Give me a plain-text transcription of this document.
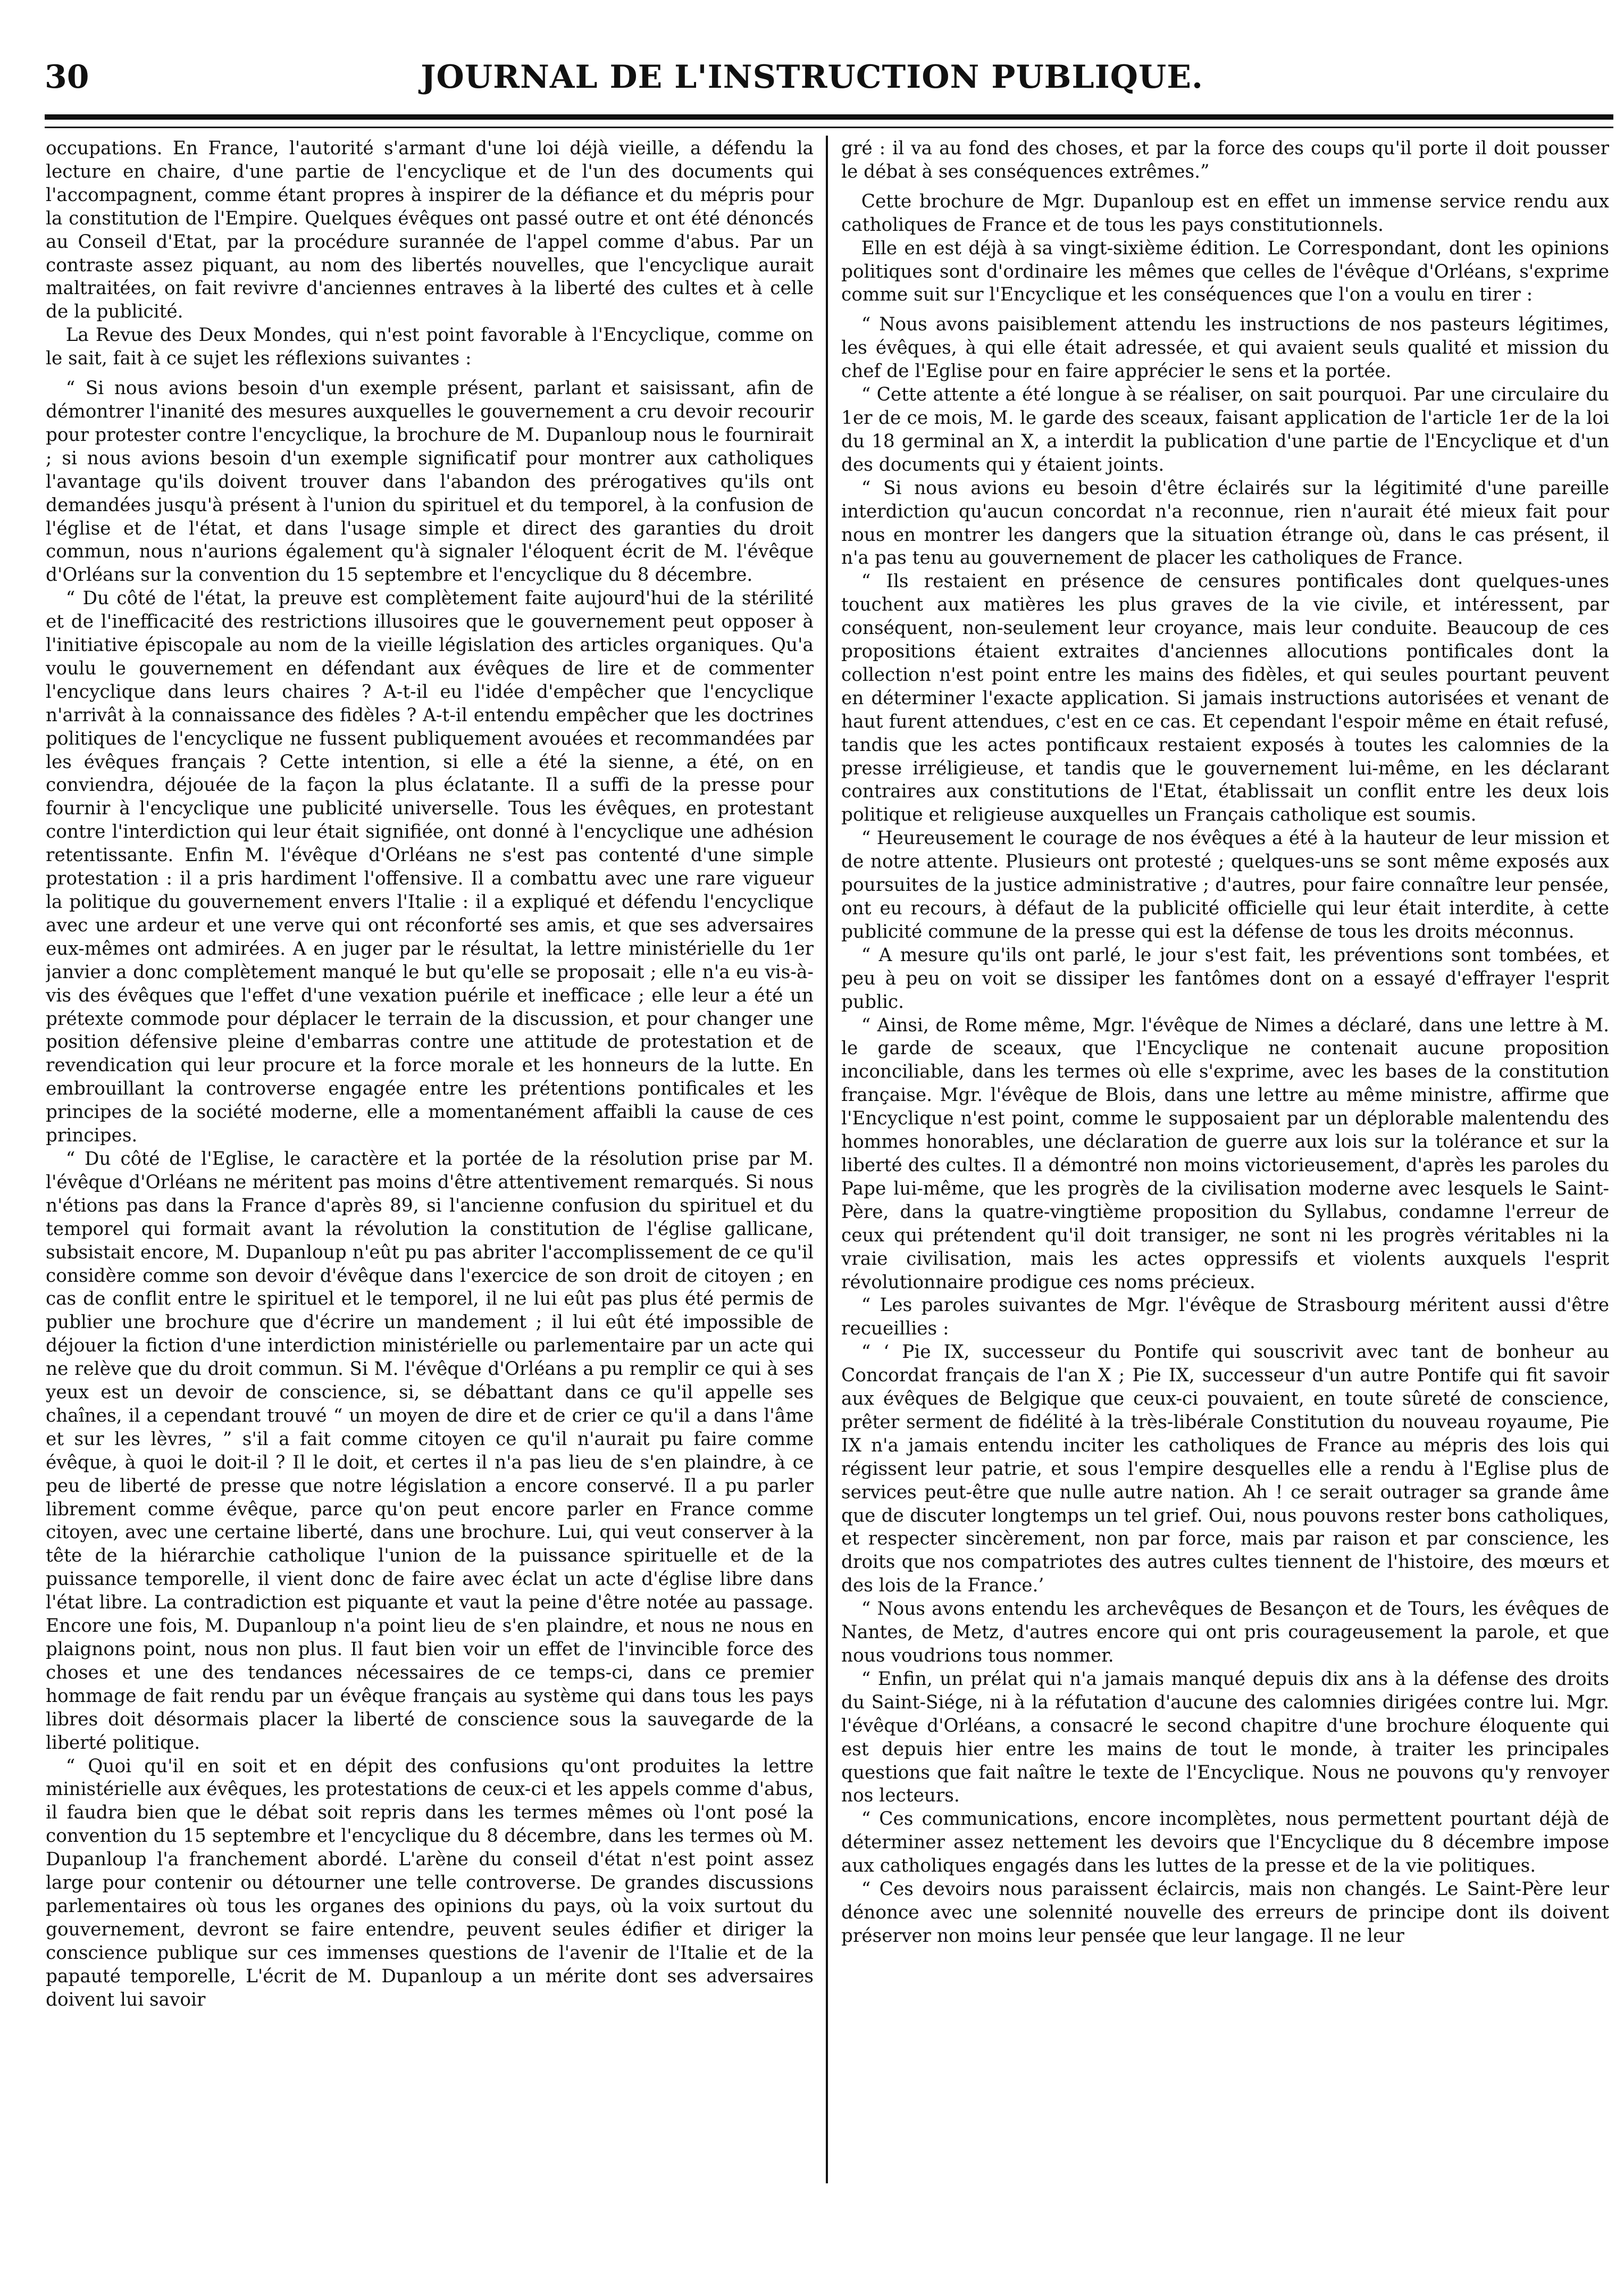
30	JOURNAL DE L'INSTRUCTION PUBLIQUE.

occupations. En France, l'autorité s'armant d'une loi déjà vieille, a défendu la lecture en chaire, d'une partie de l'encyclique et de l'un des documents qui l'accompagnent, comme étant propres à inspirer de la défiance et du mépris pour la constitution de l'Empire. Quelques évêques ont passé outre et ont été dénoncés au Conseil d'Etat, par la procédure surannée de l'appel comme d'abus. Par un contraste assez piquant, au nom des libertés nouvelles, que l'encyclique aurait maltraitées, on fait revivre d'anciennes entraves à la liberté des cultes et à celle de la publicité.

La Revue des Deux Mondes, qui n'est point favorable à l'Encyclique, comme on le sait, fait à ce sujet les réflexions suivantes :

“ Si nous avions besoin d'un exemple présent, parlant et saisissant, afin de démontrer l'inanité des mesures auxquelles le gouvernement a cru devoir recourir pour protester contre l'encyclique, la brochure de M. Dupanloup nous le fournirait ; si nous avions besoin d'un exemple significatif pour montrer aux catholiques l'avantage qu'ils doivent trouver dans l'abandon des prérogatives qu'ils ont demandées jusqu'à présent à l'union du spirituel et du temporel, à la confusion de l'église et de l'état, et dans l'usage simple et direct des garanties du droit commun, nous n'aurions également qu'à signaler l'éloquent écrit de M. l'évêque d'Orléans sur la convention du 15 septembre et l'encyclique du 8 décembre.

“ Du côté de l'état, la preuve est complètement faite aujourd'hui de la stérilité et de l'inefficacité des restrictions illusoires que le gouvernement peut opposer à l'initiative épiscopale au nom de la vieille législation des articles organiques. Qu'a voulu le gouvernement en défendant aux évêques de lire et de commenter l'encyclique dans leurs chaires ? A-t-il eu l'idée d'empêcher que l'encyclique n'arrivât à la connaissance des fidèles ? A-t-il entendu empêcher que les doctrines politiques de l'encyclique ne fussent publiquement avouées et recommandées par les évêques français ? Cette intention, si elle a été la sienne, a été, on en conviendra, déjouée de la façon la plus éclatante. Il a suffi de la presse pour fournir à l'encyclique une publicité universelle. Tous les évêques, en protestant contre l'interdiction qui leur était signifiée, ont donné à l'encyclique une adhésion retentissante. Enfin M. l'évêque d'Orléans ne s'est pas contenté d'une simple protestation : il a pris hardiment l'offensive. Il a combattu avec une rare vigueur la politique du gouvernement envers l'Italie : il a expliqué et défendu l'encyclique avec une ardeur et une verve qui ont réconforté ses amis, et que ses adversaires eux-mêmes ont admirées. A en juger par le résultat, la lettre ministérielle du 1er janvier a donc complètement manqué le but qu'elle se proposait ; elle n'a eu vis-à-vis des évêques que l'effet d'une vexation puérile et inefficace ; elle leur a été un prétexte commode pour déplacer le terrain de la discussion, et pour changer une position défensive pleine d'embarras contre une attitude de protestation et de revendication qui leur procure et la force morale et les honneurs de la lutte. En embrouillant la controverse engagée entre les prétentions pontificales et les principes de la société moderne, elle a momentanément affaibli la cause de ces principes.

“ Du côté de l'Eglise, le caractère et la portée de la résolution prise par M. l'évêque d'Orléans ne méritent pas moins d'être attentivement remarqués. Si nous n'étions pas dans la France d'après 89, si l'ancienne confusion du spirituel et du temporel qui formait avant la révolution la constitution de l'église gallicane, subsistait encore, M. Dupanloup n'eût pu pas abriter l'accomplissement de ce qu'il considère comme son devoir d'évêque dans l'exercice de son droit de citoyen ; en cas de conflit entre le spirituel et le temporel, il ne lui eût pas plus été permis de publier une brochure que d'écrire un mandement ; il lui eût été impossible de déjouer la fiction d'une interdiction ministérielle ou parlementaire par un acte qui ne relève que du droit commun. Si M. l'évêque d'Orléans a pu remplir ce qui à ses yeux est un devoir de conscience, si, se débattant dans ce qu'il appelle ses chaînes, il a cependant trouvé “ un moyen de dire et de crier ce qu'il a dans l'âme et sur les lèvres, ” s'il a fait comme citoyen ce qu'il n'aurait pu faire comme évêque, à quoi le doit-il ? Il le doit, et certes il n'a pas lieu de s'en plaindre, à ce peu de liberté de presse que notre législation a encore conservé. Il a pu parler librement comme évêque, parce qu'on peut encore parler en France comme citoyen, avec une certaine liberté, dans une brochure. Lui, qui veut conserver à la tête de la hiérarchie catholique l'union de la puissance spirituelle et de la puissance temporelle, il vient donc de faire avec éclat un acte d'église libre dans l'état libre. La contradiction est piquante et vaut la peine d'être notée au passage. Encore une fois, M. Dupanloup n'a point lieu de s'en plaindre, et nous ne nous en plaignons point, nous non plus. Il faut bien voir un effet de l'invincible force des choses et une des tendances nécessaires de ce temps-ci, dans ce premier hommage de fait rendu par un évêque français au système qui dans tous les pays libres doit désormais placer la liberté de conscience sous la sauvegarde de la liberté politique.

“ Quoi qu'il en soit et en dépit des confusions qu'ont produites la lettre ministérielle aux évêques, les protestations de ceux-ci et les appels comme d'abus, il faudra bien que le débat soit repris dans les termes mêmes où l'ont posé la convention du 15 septembre et l'encyclique du 8 décembre, dans les termes où M. Dupanloup l'a franchement abordé. L'arène du conseil d'état n'est point assez large pour contenir ou détourner une telle controverse. De grandes discussions parlementaires où tous les organes des opinions du pays, où la voix surtout du gouvernement, devront se faire entendre, peuvent seules édifier et diriger la conscience publique sur ces immenses questions de l'avenir de l'Italie et de la papauté temporelle, L'écrit de M. Dupanloup a un mérite dont ses adversaires doivent lui savoir

gré : il va au fond des choses, et par la force des coups qu'il porte il doit pousser le débat à ses conséquences extrêmes.”

Cette brochure de Mgr. Dupanloup est en effet un immense service rendu aux catholiques de France et de tous les pays constitutionnels.

Elle en est déjà à sa vingt-sixième édition. Le Correspondant, dont les opinions politiques sont d'ordinaire les mêmes que celles de l'évêque d'Orléans, s'exprime comme suit sur l'Encyclique et les conséquences que l'on a voulu en tirer :

“ Nous avons paisiblement attendu les instructions de nos pasteurs légitimes, les évêques, à qui elle était adressée, et qui avaient seuls qualité et mission du chef de l'Eglise pour en faire apprécier le sens et la portée.

“ Cette attente a été longue à se réaliser, on sait pourquoi. Par une circulaire du 1er de ce mois, M. le garde des sceaux, faisant application de l'article 1er de la loi du 18 germinal an X, a interdit la publication d'une partie de l'Encyclique et d'un des documents qui y étaient joints.

“ Si nous avions eu besoin d'être éclairés sur la légitimité d'une pareille interdiction qu'aucun concordat n'a reconnue, rien n'aurait été mieux fait pour nous en montrer les dangers que la situation étrange où, dans le cas présent, il n'a pas tenu au gouvernement de placer les catholiques de France.

“ Ils restaient en présence de censures pontificales dont quelques-unes touchent aux matières les plus graves de la vie civile, et intéressent, par conséquent, non-seulement leur croyance, mais leur conduite. Beaucoup de ces propositions étaient extraites d'anciennes allocutions pontificales dont la collection n'est point entre les mains des fidèles, et qui seules pourtant peuvent en déterminer l'exacte application. Si jamais instructions autorisées et venant de haut furent attendues, c'est en ce cas. Et cependant l'espoir même en était refusé, tandis que les actes pontificaux restaient exposés à toutes les calomnies de la presse irréligieuse, et tandis que le gouvernement lui-même, en les déclarant contraires aux constitutions de l'Etat, établissait un conflit entre les deux lois politique et religieuse auxquelles un Français catholique est soumis.

“ Heureusement le courage de nos évêques a été à la hauteur de leur mission et de notre attente. Plusieurs ont protesté ; quelques-uns se sont même exposés aux poursuites de la justice administrative ; d'autres, pour faire connaître leur pensée, ont eu recours, à défaut de la publicité officielle qui leur était interdite, à cette publicité commune de la presse qui est la défense de tous les droits méconnus.

“ A mesure qu'ils ont parlé, le jour s'est fait, les préventions sont tombées, et peu à peu on voit se dissiper les fantômes dont on a essayé d'effrayer l'esprit public.

“ Ainsi, de Rome même, Mgr. l'évêque de Nimes a déclaré, dans une lettre à M. le garde de sceaux, que l'Encyclique ne contenait aucune proposition inconciliable, dans les termes où elle s'exprime, avec les bases de la constitution française. Mgr. l'évêque de Blois, dans une lettre au même ministre, affirme que l'Encyclique n'est point, comme le supposaient par un déplorable malentendu des hommes honorables, une déclaration de guerre aux lois sur la tolérance et sur la liberté des cultes. Il a démontré non moins victorieusement, d'après les paroles du Pape lui-même, que les progrès de la civilisation moderne avec lesquels le Saint-Père, dans la quatre-vingtième proposition du Syllabus, condamne l'erreur de ceux qui prétendent qu'il doit transiger, ne sont ni les progrès véritables ni la vraie civilisation, mais les actes oppressifs et violents auxquels l'esprit révolutionnaire prodigue ces noms précieux.

“ Les paroles suivantes de Mgr. l'évêque de Strasbourg méritent aussi d'être recueillies :

“ ‘ Pie IX, successeur du Pontife qui souscrivit avec tant de bonheur au Concordat français de l'an X ; Pie IX, successeur d'un autre Pontife qui fit savoir aux évêques de Belgique que ceux-ci pouvaient, en toute sûreté de conscience, prêter serment de fidélité à la très-libérale Constitution du nouveau royaume, Pie IX n'a jamais entendu inciter les catholiques de France au mépris des lois qui régissent leur patrie, et sous l'empire desquelles elle a rendu à l'Eglise plus de services peut-être que nulle autre nation. Ah ! ce serait outrager sa grande âme que de discuter longtemps un tel grief. Oui, nous pouvons rester bons catholiques, et respecter sincèrement, non par force, mais par raison et par conscience, les droits que nos compatriotes des autres cultes tiennent de l'histoire, des mœurs et des lois de la France.’

“ Nous avons entendu les archevêques de Besançon et de Tours, les évêques de Nantes, de Metz, d'autres encore qui ont pris courageusement la parole, et que nous voudrions tous nommer.

“ Enfin, un prélat qui n'a jamais manqué depuis dix ans à la défense des droits du Saint-Siége, ni à la réfutation d'aucune des calomnies dirigées contre lui. Mgr. l'évêque d'Orléans, a consacré le second chapitre d'une brochure éloquente qui est depuis hier entre les mains de tout le monde, à traiter les principales questions que fait naître le texte de l'Encyclique. Nous ne pouvons qu'y renvoyer nos lecteurs.

“ Ces communications, encore incomplètes, nous permettent pourtant déjà de déterminer assez nettement les devoirs que l'Encyclique du 8 décembre impose aux catholiques engagés dans les luttes de la presse et de la vie politiques.

“ Ces devoirs nous paraissent éclaircis, mais non changés. Le Saint-Père leur dénonce avec une solennité nouvelle des erreurs de principe dont ils doivent préserver non moins leur pensée que leur langage. Il ne leur
